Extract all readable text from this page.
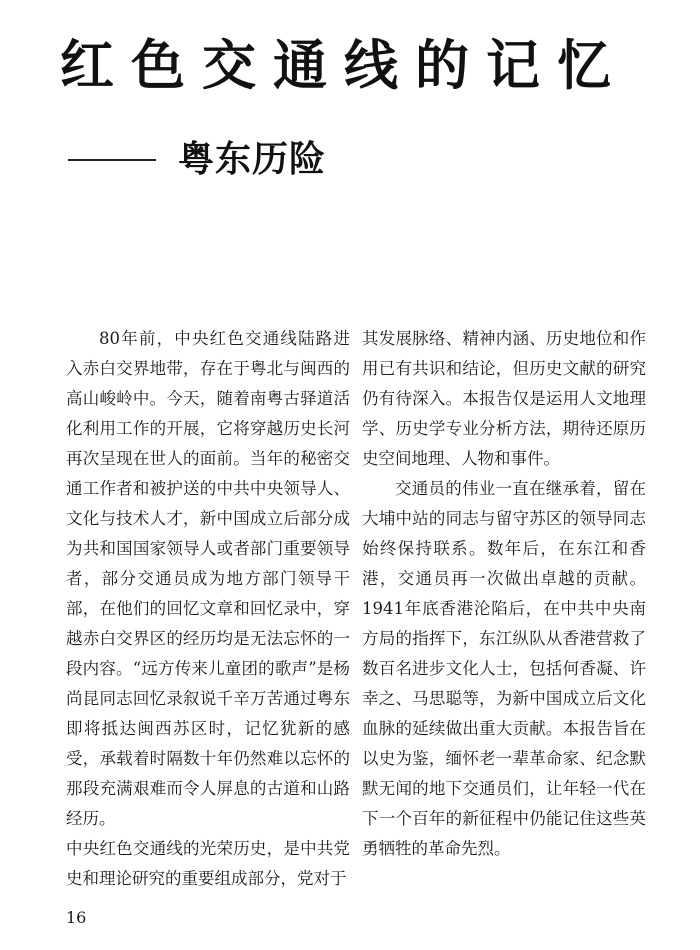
红色交通线的记忆
粤东历险

80年前，中央红色交通线陆路进入赤白交界地带，存在于粤北与闽西的高山峻岭中。今天，随着南粤古驿道活化利用工作的开展，它将穿越历史长河再次呈现在世人的面前。当年的秘密交通工作者和被护送的中共中央领导人、文化与技术人才，新中国成立后部分成为共和国国家领导人或者部门重要领导者，部分交通员成为地方部门领导干部，在他们的回忆文章和回忆录中，穿越赤白交界区的经历均是无法忘怀的一段内容。“远方传来儿童团的歌声”是杨尚昆同志回忆录叙说千辛万苦通过粤东即将抵达闽西苏区时，记忆犹新的感受，承载着时隔数十年仍然难以忘怀的那段充满艰难而令人屏息的古道和山路经历。

中央红色交通线的光荣历史，是中共党史和理论研究的重要组成部分，党对于

其发展脉络、精神内涵、历史地位和作用已有共识和结论，但历史文献的研究仍有待深入。本报告仅是运用人文地理学、历史学专业分析方法，期待还原历史空间地理、人物和事件。

交通员的伟业一直在继承着，留在大埔中站的同志与留守苏区的领导同志始终保持联系。数年后，在东江和香港，交通员再一次做出卓越的贡献。1941年底香港沦陷后，在中共中央南方局的指挥下，东江纵队从香港营救了数百名进步文化人士，包括何香凝、许幸之、马思聪等，为新中国成立后文化血脉的延续做出重大贡献。本报告旨在以史为鉴，缅怀老一辈革命家、纪念默默无闻的地下交通员们，让年轻一代在下一个百年的新征程中仍能记住这些英勇牺牲的革命先烈。

16
